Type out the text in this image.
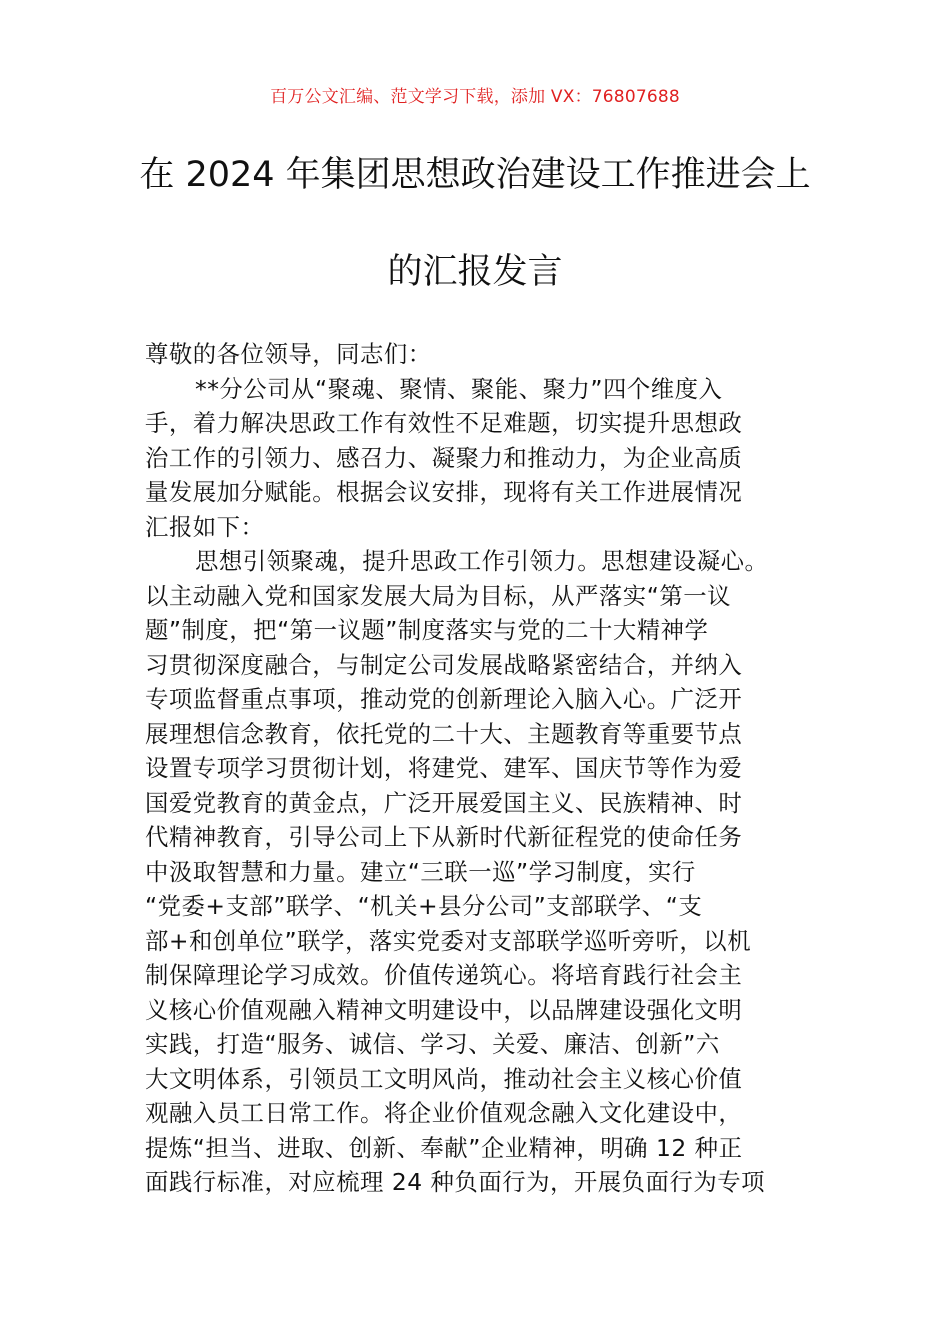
百万公文汇编、范文学习下载，添加 VX：76807688
在 2024 年集团思想政治建设工作推进会上
的汇报发言
尊敬的各位领导，同志们：
**分公司从“聚魂、聚情、聚能、聚力”四个维度入
手，着力解决思政工作有效性不足难题，切实提升思想政
治工作的引领力、感召力、凝聚力和推动力，为企业高质
量发展加分赋能。根据会议安排，现将有关工作进展情况
汇报如下：
思想引领聚魂，提升思政工作引领力。思想建设凝心。
以主动融入党和国家发展大局为目标，从严落实“第一议
题”制度，把“第一议题”制度落实与党的二十大精神学
习贯彻深度融合，与制定公司发展战略紧密结合，并纳入
专项监督重点事项，推动党的创新理论入脑入心。广泛开
展理想信念教育，依托党的二十大、主题教育等重要节点
设置专项学习贯彻计划，将建党、建军、国庆节等作为爱
国爱党教育的黄金点，广泛开展爱国主义、民族精神、时
代精神教育，引导公司上下从新时代新征程党的使命任务
中汲取智慧和力量。建立“三联一巡”学习制度，实行
“党委+支部”联学、“机关+县分公司”支部联学、“支
部+和创单位”联学，落实党委对支部联学巡听旁听，以机
制保障理论学习成效。价值传递筑心。将培育践行社会主
义核心价值观融入精神文明建设中，以品牌建设强化文明
实践，打造“服务、诚信、学习、关爱、廉洁、创新”六
大文明体系，引领员工文明风尚，推动社会主义核心价值
观融入员工日常工作。将企业价值观念融入文化建设中，
提炼“担当、进取、创新、奉献”企业精神，明确 12 种正
面践行标准，对应梳理 24 种负面行为，开展负面行为专项
